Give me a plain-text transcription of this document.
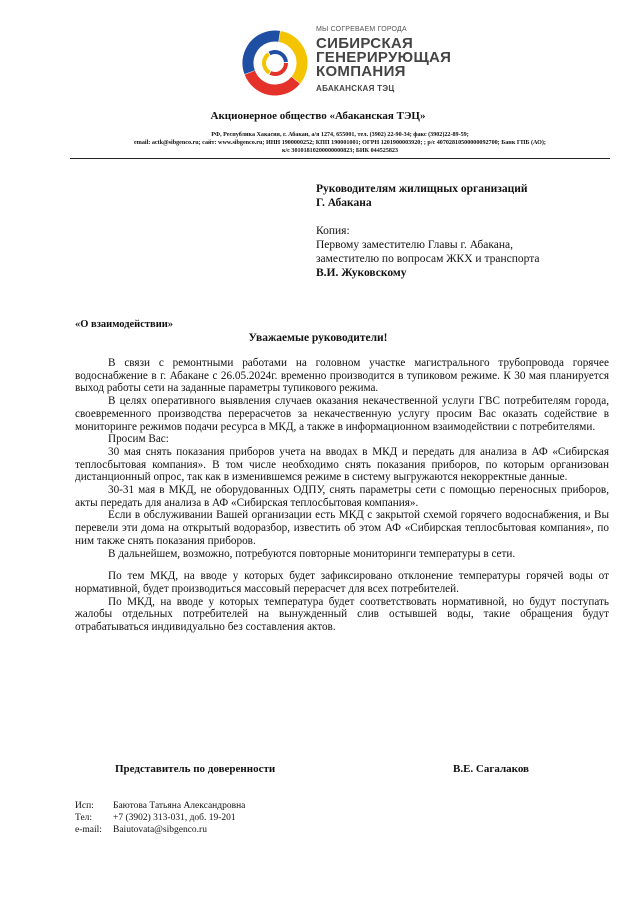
МЫ СОГРЕВАЕМ ГОРОДА
СИБИРСКАЯ
ГЕНЕРИРУЮЩАЯ
КОМПАНИЯ
АБАКАНСКАЯ ТЭЦ
Акционерное общество «Абаканская ТЭЦ»
РФ, Республика Хакасия, г. Абакан, а/я 1274, 655001, тел. (3902) 22-90-34; факс (3902)22-89-59;
email: actk@sibgenco.ru; сайт: www.sibgenco.ru; ИНН 1900000252; КПП 190001001; ОГРН 1201900003920; ; р/с 40702810500000092700; Банк ГПБ (АО);
к/с 30101810200000000823; БИК 044525823
Руководителям жилищных организаций
Г. Абакана
Копия:
Первому заместителю Главы г. Абакана,
заместителю по вопросам ЖКХ и транспорта
В.И. Жуковскому
«О взаимодействии»
Уважаемые руководители!

В связи с ремонтными работами на головном участке магистрального трубопровода горячее водоснабжение в г. Абакане с 26.05.2024г. временно производится в тупиковом режиме. К 30 мая планируется выход работы сети на заданные параметры тупикового режима.

В целях оперативного выявления случаев оказания некачественной услуги ГВС потребителям города, своевременного производства перерасчетов за некачественную услугу просим Вас оказать содействие в мониторинге режимов подачи ресурса в МКД, а также в информационном взаимодействии с потребителями.

Просим Вас:

30 мая снять показания приборов учета на вводах в МКД и передать для анализа в АФ «Сибирская теплосбытовая компания». В том числе необходимо снять показания приборов, по которым организован дистанционный опрос, так как в изменившемся режиме в систему выгружаются некорректные данные.

30-31 мая в МКД, не оборудованных ОДПУ, снять параметры сети с помощью переносных приборов, акты передать для анализа в АФ «Сибирская теплосбытовая компания».

Если в обслуживании Вашей организации есть МКД с закрытой схемой горячего водоснабжения, и Вы перевели эти дома на открытый водоразбор, известить об этом АФ «Сибирская теплосбытовая компания», по ним также снять показания приборов.

В дальнейшем, возможно, потребуются повторные мониторинги температуры в сети.

По тем МКД, на вводе у которых будет зафиксировано отклонение температуры горячей воды от нормативной, будет производиться массовый перерасчет для всех потребителей.

По МКД, на вводе у которых температура будет соответствовать нормативной, но будут поступать жалобы отдельных потребителей на вынужденный слив остывшей воды, такие обращения будут отрабатываться индивидуально без составления актов.

Представитель по доверенности	В.Е. Сагалаков
Исп:	Баютова Татьяна Александровна
Тел:	+7 (3902) 313-031, доб. 19-201
e-mail:	Baiutovata@sibgenco.ru
